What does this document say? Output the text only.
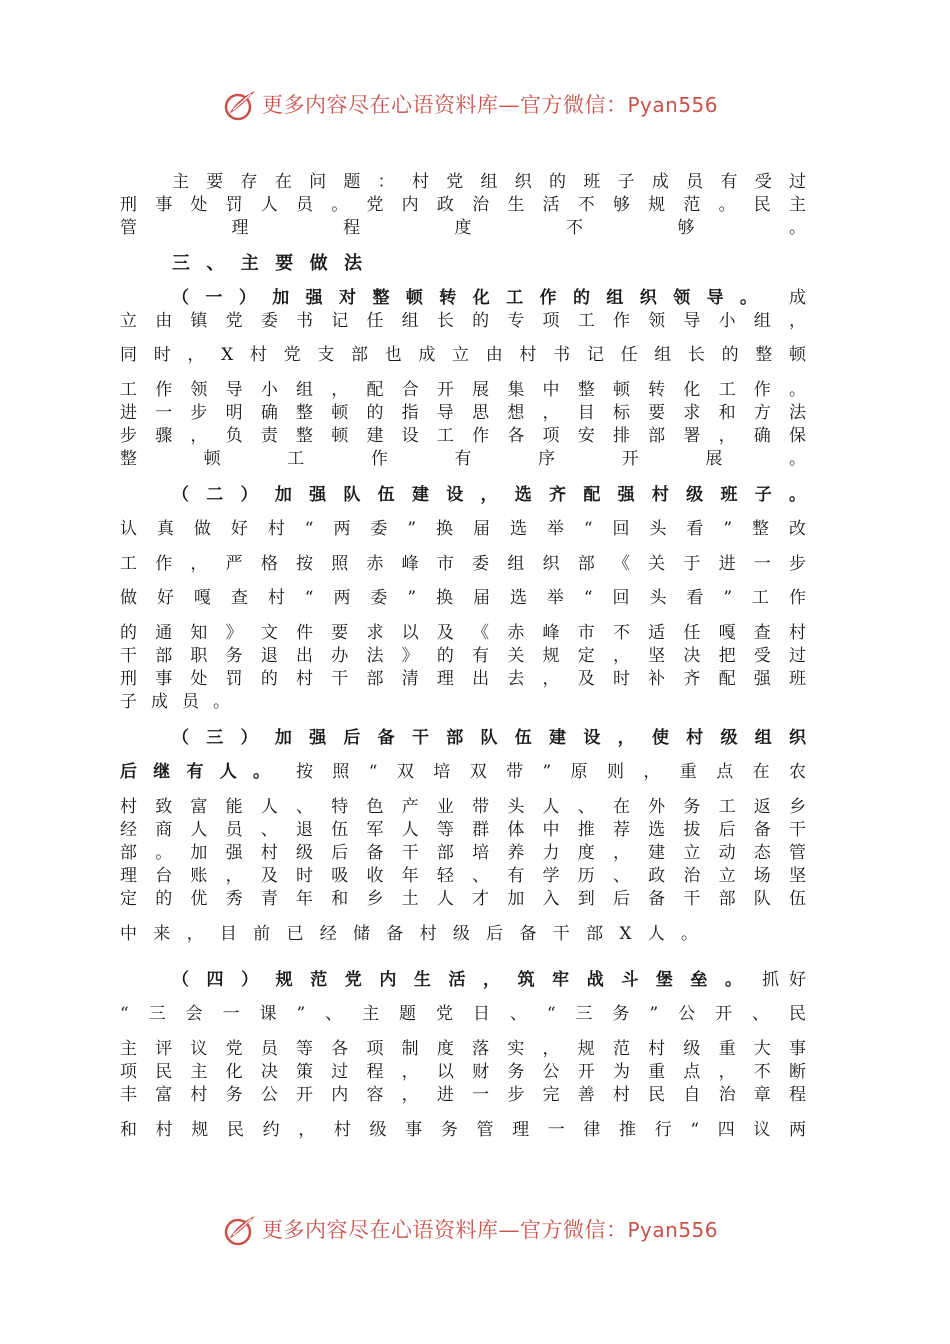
更多内容尽在心语资料库—官方微信：Pyan556
主要存在问题：村党组织的班子成员有受过
刑事处罚人员。党内政治生活不够规范。民主
管理程度不够。
三、主要做法
（一）加强对整顿转化工作的组织领导。 成
立由镇党委书记任组长的专项工作领导小组，
同时，X村党支部也成立由村书记任组长的整顿
工作领导小组，配合开展集中整顿转化工作。
进一步明确整顿的指导思想，目标要求和方法
步骤，负责整顿建设工作各项安排部署，确保
整顿工作有序开展。
（二）加强队伍建设，选齐配强村级班子。
认真做好村“两委”换届选举“回头看”整改
工作，严格按照赤峰市委组织部《关于进一步
做好嘎查村“两委”换届选举“回头看”工作
的通知》文件要求以及《赤峰市不适任嘎查村
干部职务退出办法》的有关规定，坚决把受过
刑事处罚的村干部清理出去，及时补齐配强班
子成员。
（三）加强后备干部队伍建设，使村级组织
后继有人。 按照“双培双带”原则，重点在农
村致富能人、特色产业带头人、在外务工返乡
经商人员、退伍军人等群体中推荐选拔后备干
部。加强村级后备干部培养力度，建立动态管
理台账，及时吸收年轻、有学历、政治立场坚
定的优秀青年和乡土人才加入到后备干部队伍
中来，目前已经储备村级后备干部X人。
（四）规范党内生活，筑牢战斗堡垒。 抓好
“三会一课”、主题党日、“三务”公开、民
主评议党员等各项制度落实，规范村级重大事
项民主化决策过程，以财务公开为重点，不断
丰富村务公开内容，进一步完善村民自治章程
和村规民约，村级事务管理一律推行“四议两
更多内容尽在心语资料库—官方微信：Pyan556
